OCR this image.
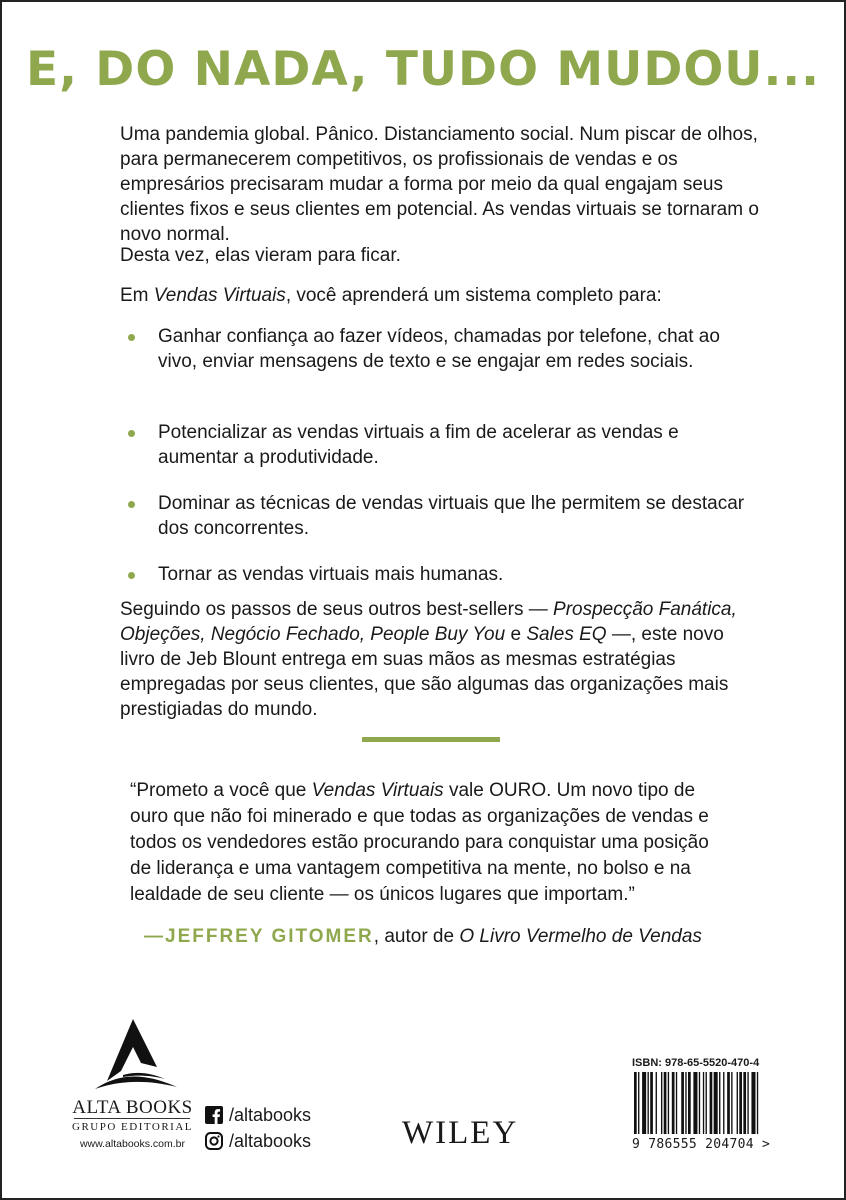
E, DO NADA, TUDO MUDOU...

Uma pandemia global. Pânico. Distanciamento social. Num piscar de olhos, para permanecerem competitivos, os profissionais de vendas e os empresários precisaram mudar a forma por meio da qual engajam seus clientes fixos e seus clientes em potencial. As vendas virtuais se tornaram o novo normal.

Desta vez, elas vieram para ficar.

Em Vendas Virtuais, você aprenderá um sistema completo para:

Ganhar confiança ao fazer vídeos, chamadas por telefone, chat ao vivo, enviar mensagens de texto e se engajar em redes sociais.
Potencializar as vendas virtuais a fim de acelerar as vendas e aumentar a produtividade.
Dominar as técnicas de vendas virtuais que lhe permitem se destacar dos concorrentes.
Tornar as vendas virtuais mais humanas.

Seguindo os passos de seus outros best-sellers — Prospecção Fanática, Objeções, Negócio Fechado, People Buy You e Sales EQ —, este novo livro de Jeb Blount entrega em suas mãos as mesmas estratégias empregadas por seus clientes, que são algumas das organizações mais prestigiadas do mundo.

“Prometo a você que Vendas Virtuais vale OURO. Um novo tipo de ouro que não foi minerado e que todas as organizações de vendas e todos os vendedores estão procurando para conquistar uma posição de liderança e uma vantagem competitiva na mente, no bolso e na lealdade de seu cliente — os únicos lugares que importam.”

—JEFFREY GITOMER, autor de O Livro Vermelho de Vendas
ALTA BOOKS
GRUPO EDITORIAL
www.altabooks.com.br
/altabooks
/altabooks	WILEY
ISBN: 978-65-5520-470-4
9 786555 204704 >
